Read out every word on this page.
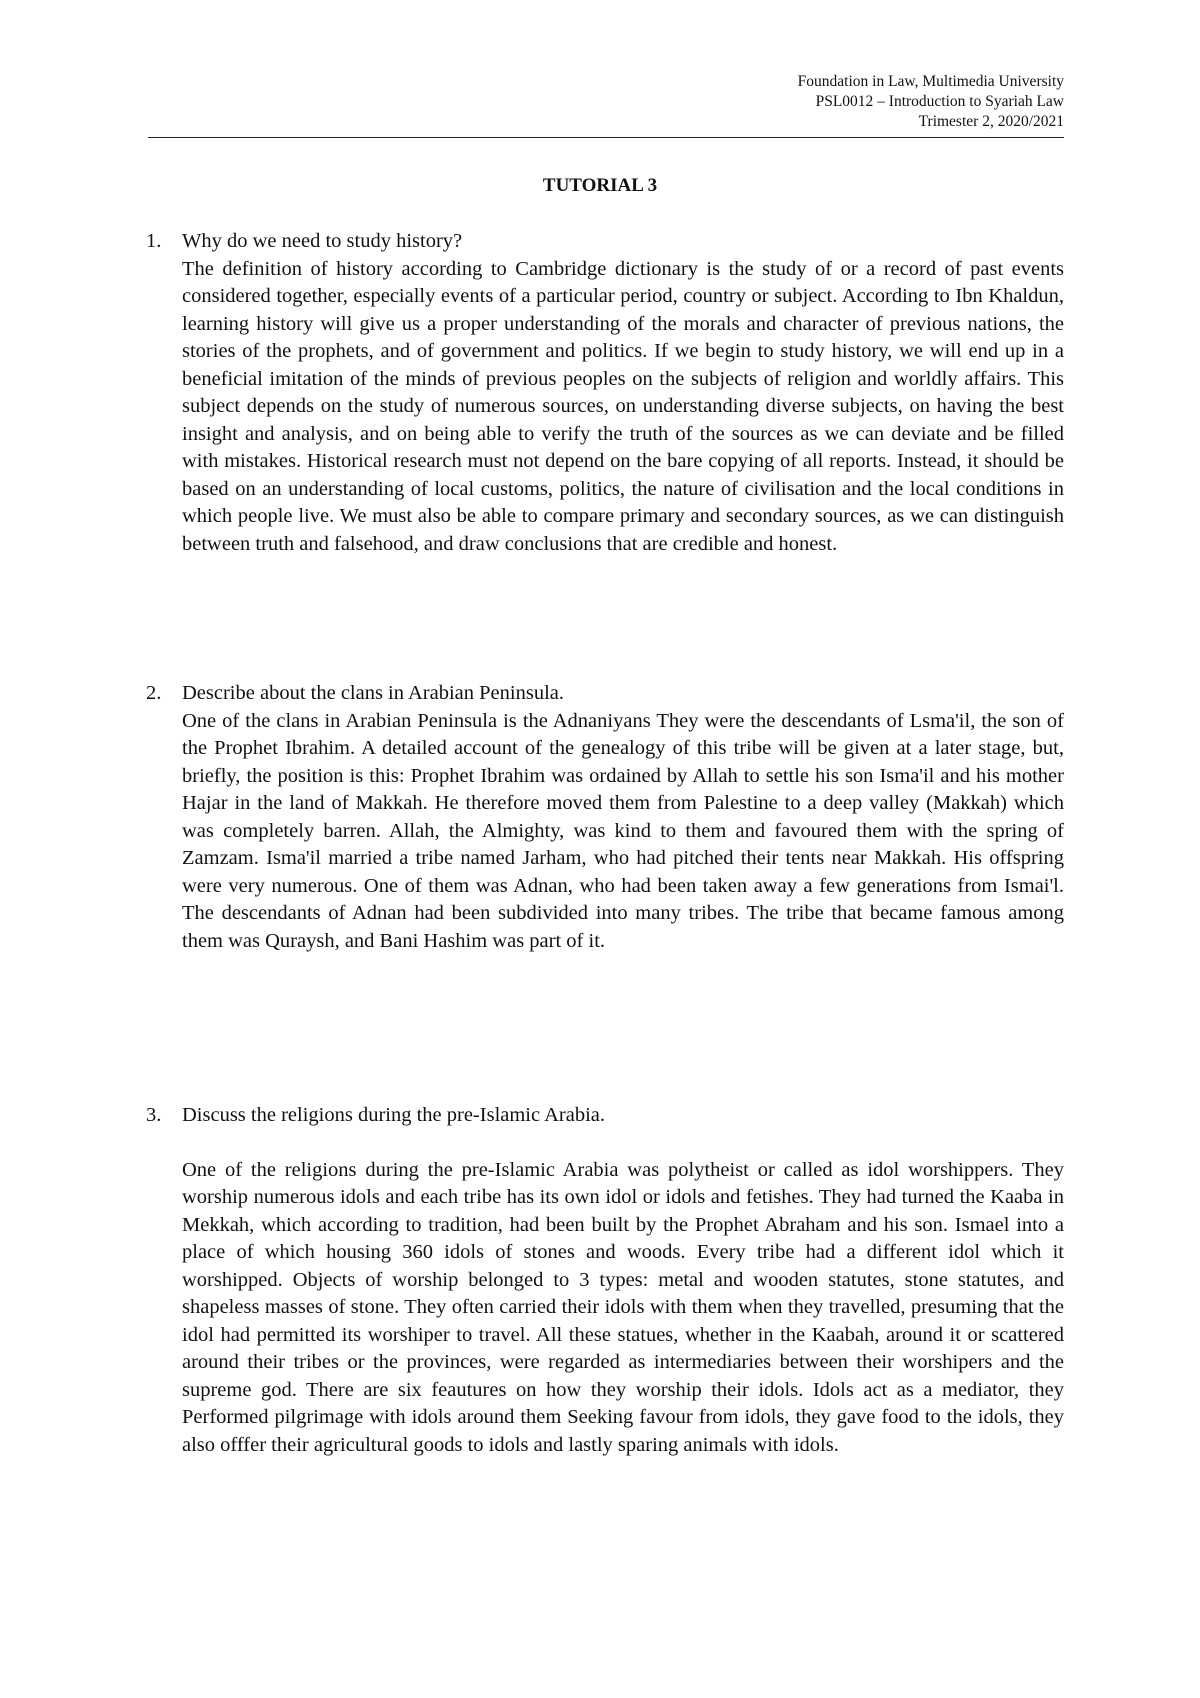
Foundation in Law, Multimedia University
PSL0012 – Introduction to Syariah Law
Trimester 2, 2020/2021
TUTORIAL 3
1. Why do we need to study history?

The definition of history according to Cambridge dictionary is the study of or a record of past events considered together, especially events of a particular period, country or subject. According to Ibn Khaldun, learning history will give us a proper understanding of the morals and character of previous nations, the stories of the prophets, and of government and politics. If we begin to study history, we will end up in a beneficial imitation of the minds of previous peoples on the subjects of religion and worldly affairs. This subject depends on the study of numerous sources, on understanding diverse subjects, on having the best insight and analysis, and on being able to verify the truth of the sources as we can deviate and be filled with mistakes. Historical research must not depend on the bare copying of all reports. Instead, it should be based on an understanding of local customs, politics, the nature of civilisation and the local conditions in which people live. We must also be able to compare primary and secondary sources, as we can distinguish between truth and falsehood, and draw conclusions that are credible and honest.

2. Describe about the clans in Arabian Peninsula.

One of the clans in Arabian Peninsula is the Adnaniyans They were the descendants of Lsma'il, the son of the Prophet Ibrahim. A detailed account of the genealogy of this tribe will be given at a later stage, but, briefly, the position is this: Prophet Ibrahim was ordained by Allah to settle his son Isma'il and his mother Hajar in the land of Makkah. He therefore moved them from Palestine to a deep valley (Makkah) which was completely barren. Allah, the Almighty, was kind to them and favoured them with the spring of Zamzam. Isma'il married a tribe named Jarham, who had pitched their tents near Makkah. His offspring were very numerous. One of them was Adnan, who had been taken away a few generations from Ismai'l. The descendants of Adnan had been subdivided into many tribes. The tribe that became famous among them was Quraysh, and Bani Hashim was part of it.

3. Discuss the religions during the pre-Islamic Arabia.

One of the religions during the pre-Islamic Arabia was polytheist or called as idol worshippers. They worship numerous idols and each tribe has its own idol or idols and fetishes. They had turned the Kaaba in Mekkah, which according to tradition, had been built by the Prophet Abraham and his son. Ismael into a place of which housing 360 idols of stones and woods. Every tribe had a different idol which it worshipped. Objects of worship belonged to 3 types: metal and wooden statutes, stone statutes, and shapeless masses of stone. They often carried their idols with them when they travelled, presuming that the idol had permitted its worshiper to travel. All these statues, whether in the Kaabah, around it or scattered around their tribes or the provinces, were regarded as intermediaries between their worshipers and the supreme god. There are six feautures on how they worship their idols. Idols act as a mediator, they Performed pilgrimage with idols around them Seeking favour from idols, they gave food to the idols, they also offfer their agricultural goods to idols and lastly sparing animals with idols.
